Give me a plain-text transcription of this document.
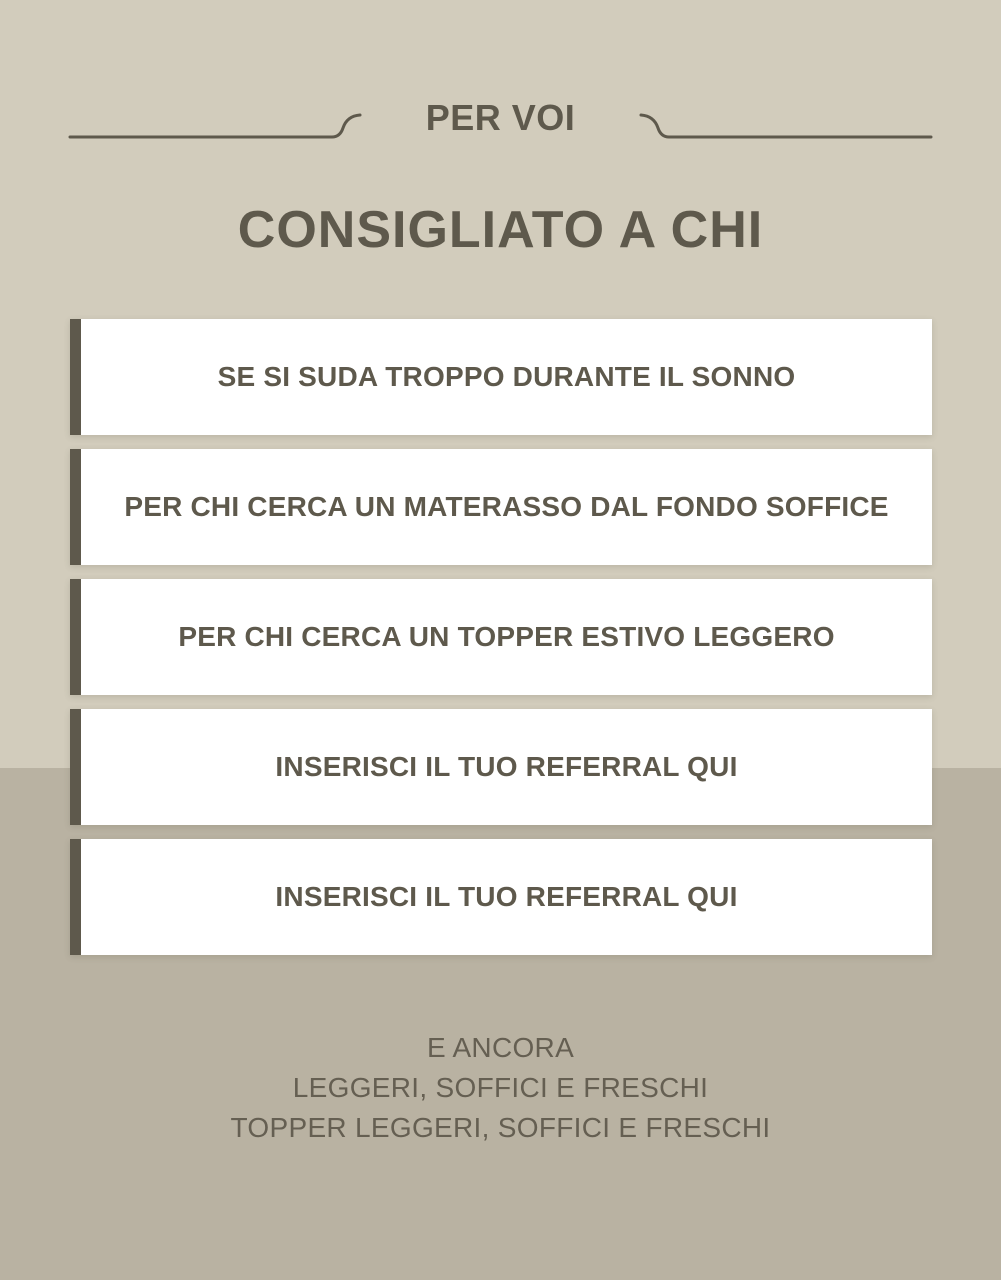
PER VOI
CONSIGLIATO A CHI
SE SI SUDA TROPPO DURANTE IL SONNO
PER CHI CERCA UN MATERASSO DAL FONDO SOFFICE
PER CHI CERCA UN TOPPER ESTIVO LEGGERO
INSERISCI IL TUO REFERRAL QUI
INSERISCI IL TUO REFERRAL QUI
E ANCORA
LEGGERI, SOFFICI E FRESCHI
TOPPER LEGGERI, SOFFICI E FRESCHI
